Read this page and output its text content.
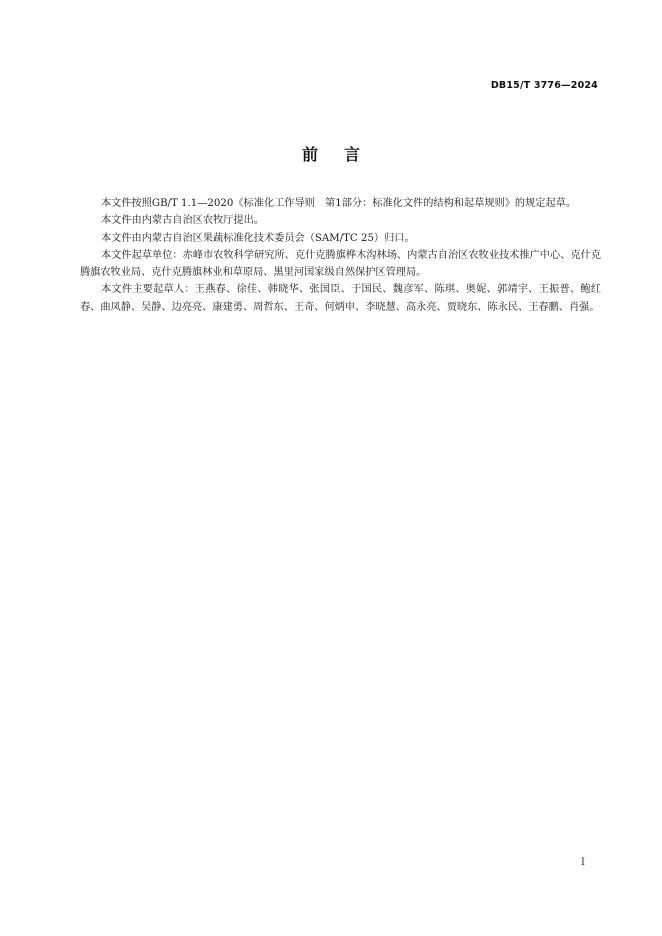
DB15/T 3776—2024
前言

本文件按照GB/T 1.1—2020《标准化工作导则　第1部分：标准化文件的结构和起草规则》的规定起草。

本文件由内蒙古自治区农牧厅提出。

本文件由内蒙古自治区果蔬标准化技术委员会（SAM/TC 25）归口。

本文件起草单位：赤峰市农牧科学研究所、克什克腾旗桦木沟林场、内蒙古自治区农牧业技术推广中心、克什克腾旗农牧业局、克什克腾旗林业和草原局、黑里河国家级自然保护区管理局。

本文件主要起草人：王燕春、徐佳、韩晓华、张国臣、于国民、魏彦军、陈琪、奥妮、郭靖宇、王振普、鲍红春、曲凤静、吴静、边亮亮、康建勇、周哲东、王奇、何炳申、李晓慧、高永亮、贾晓东、陈永民、王春鹏、肖强。

I
